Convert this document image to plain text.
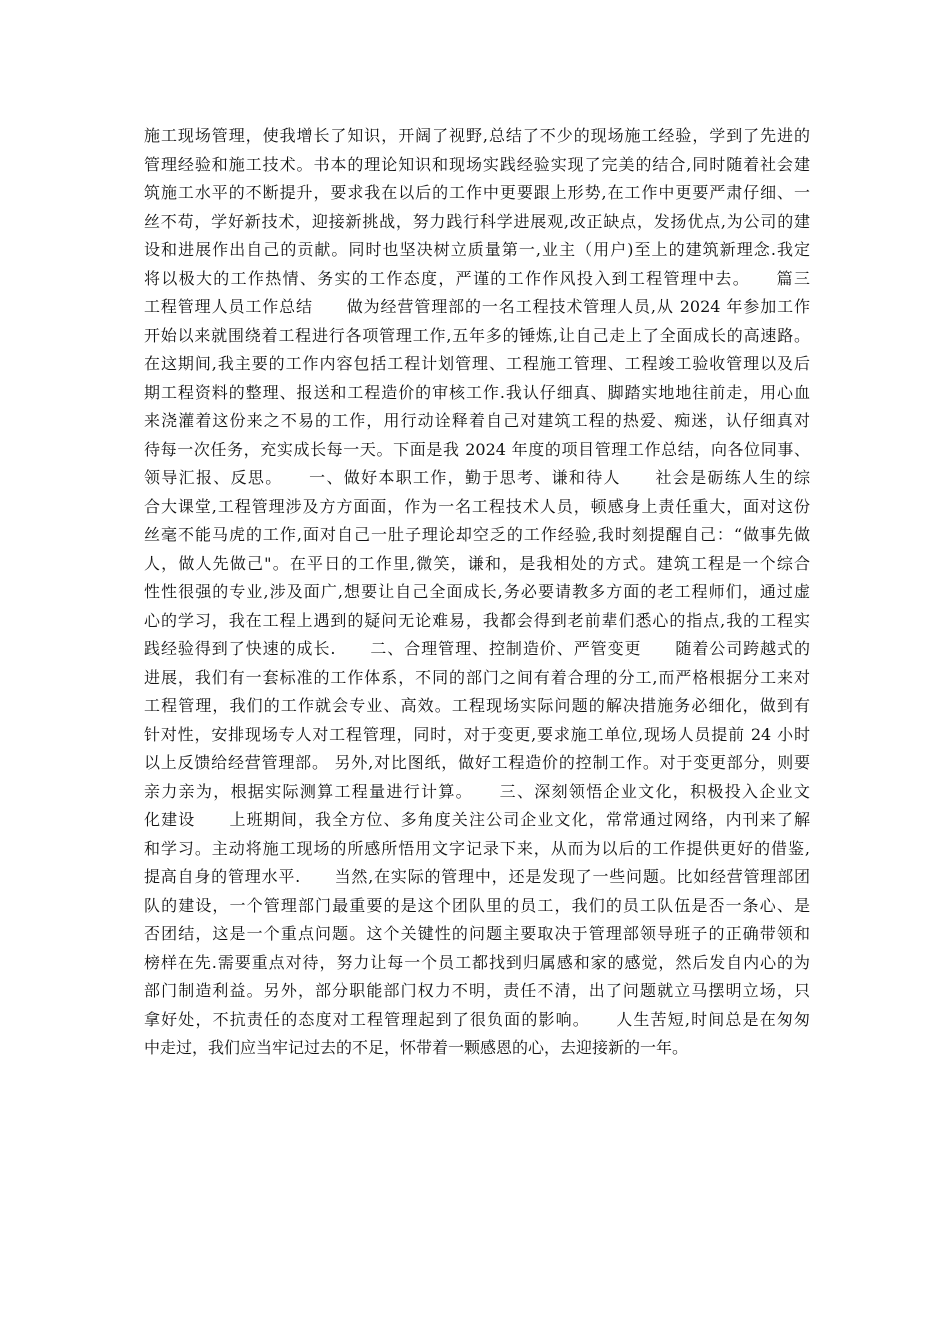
施工现场管理，使我增长了知识，开阔了视野,总结了不少的现场施工经验，学到了先进的
管理经验和施工技术。书本的理论知识和现场实践经验实现了完美的结合,同时随着社会建
筑施工水平的不断提升，要求我在以后的工作中更要跟上形势,在工作中更要严肃仔细、一
丝不苟，学好新技术，迎接新挑战，努力践行科学进展观,改正缺点，发扬优点,为公司的建
设和进展作出自己的贡献。同时也坚决树立质量第一,业主（用户)至上的建筑新理念.我定
将以极大的工作热情、务实的工作态度，严谨的工作作风投入到工程管理中去。　　篇三
工程管理人员工作总结　　做为经营管理部的一名工程技术管理人员,从 2024 年参加工作
开始以来就围绕着工程进行各项管理工作,五年多的锤炼,让自己走上了全面成长的高速路。
在这期间,我主要的工作内容包括工程计划管理、工程施工管理、工程竣工验收管理以及后
期工程资料的整理、报送和工程造价的审核工作.我认仔细真、脚踏实地地往前走，用心血
来浇灌着这份来之不易的工作，用行动诠释着自己对建筑工程的热爱、痴迷，认仔细真对
待每一次任务，充实成长每一天。下面是我 2024 年度的项目管理工作总结，向各位同事、
领导汇报、反思。　　一、做好本职工作，勤于思考、谦和待人　　社会是砺练人生的综
合大课堂,工程管理涉及方方面面，作为一名工程技术人员，顿感身上责任重大，面对这份
丝毫不能马虎的工作,面对自己一肚子理论却空乏的工作经验,我时刻提醒自己：“做事先做
人，做人先做己"。在平日的工作里,微笑，谦和，是我相处的方式。建筑工程是一个综合
性性很强的专业,涉及面广,想要让自己全面成长,务必要请教多方面的老工程师们，通过虚
心的学习，我在工程上遇到的疑问无论难易，我都会得到老前辈们悉心的指点,我的工程实
践经验得到了快速的成长.　　二、合理管理、控制造价、严管变更　　随着公司跨越式的
进展，我们有一套标准的工作体系，不同的部门之间有着合理的分工,而严格根据分工来对
工程管理，我们的工作就会专业、高效。工程现场实际问题的解决措施务必细化，做到有
针对性，安排现场专人对工程管理，同时，对于变更,要求施工单位,现场人员提前 24 小时
以上反馈给经营管理部。 另外,对比图纸，做好工程造价的控制工作。对于变更部分，则要
亲力亲为，根据实际测算工程量进行计算。　　三、深刻领悟企业文化，积极投入企业文
化建设　　上班期间，我全方位、多角度关注公司企业文化，常常通过网络，内刊来了解
和学习。主动将施工现场的所感所悟用文字记录下来，从而为以后的工作提供更好的借鉴,
提高自身的管理水平.　　当然,在实际的管理中，还是发现了一些问题。比如经营管理部团
队的建设，一个管理部门最重要的是这个团队里的员工，我们的员工队伍是否一条心、是
否团结，这是一个重点问题。这个关键性的问题主要取决于管理部领导班子的正确带领和
榜样在先.需要重点对待，努力让每一个员工都找到归属感和家的感觉，然后发自内心的为
部门制造利益。另外，部分职能部门权力不明，责任不清，出了问题就立马摆明立场，只
拿好处，不抗责任的态度对工程管理起到了很负面的影响。　　人生苦短,时间总是在匆匆
中走过，我们应当牢记过去的不足，怀带着一颗感恩的心，去迎接新的一年。
